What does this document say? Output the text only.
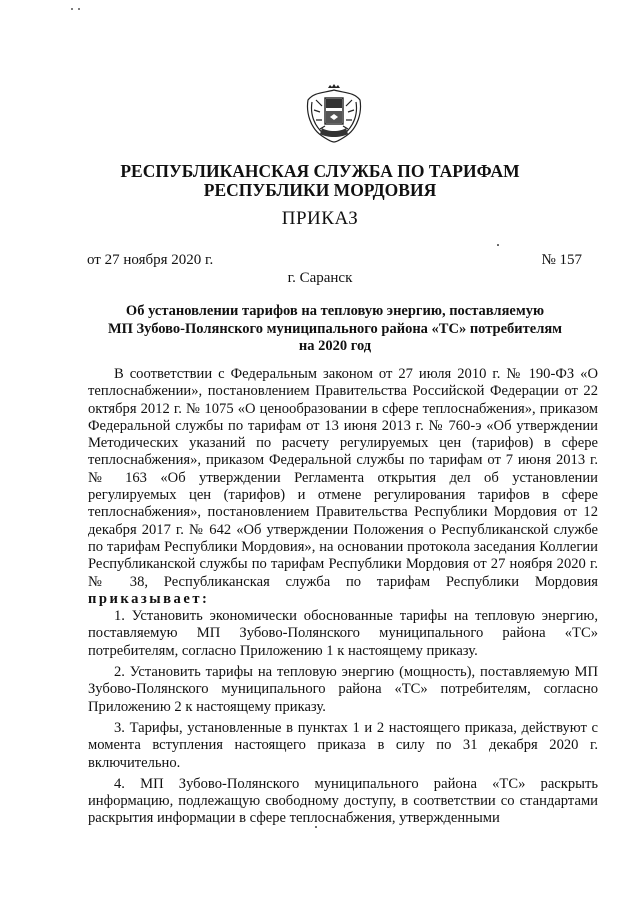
РЕСПУБЛИКАНСКАЯ СЛУЖБА ПО ТАРИФАМ
РЕСПУБЛИКИ МОРДОВИЯ
ПРИКАЗ
от 27 ноября 2020 г.	№ 157
г. Саранск
Об установлении тарифов на тепловую энергию, поставляемую
МП Зубово-Полянского муниципального района «ТС» потребителям
на 2020 год

В соответствии с Федеральным законом от 27 июля 2010 г. № 190-ФЗ «О теплоснабжении», постановлением Правительства Российской Федерации от 22 октября 2012 г. № 1075 «О ценообразовании в сфере теплоснабжения», приказом Федеральной службы по тарифам от 13 июня 2013 г. № 760-э «Об утверждении Методических указаний по расчету регулируемых цен (тарифов) в сфере теплоснабжения», приказом Федеральной службы по тарифам от 7 июня 2013 г. № 163 «Об утверждении Регламента открытия дел об установлении регулируемых цен (тарифов) и отмене регулирования тарифов в сфере теплоснабжения», постановлением Правительства Республики Мордовия от 12 декабря 2017 г. № 642 «Об утверждении Положения о Республиканской службе по тарифам Республики Мордовия», на основании протокола заседания Коллегии Республиканской службы по тарифам Республики Мордовия от 27 ноября 2020 г. № 38, Республиканская служба по тарифам Республики Мордовия приказывает:

1. Установить экономически обоснованные тарифы на тепловую энергию, поставляемую МП Зубово-Полянского муниципального района «ТС» потребителям, согласно Приложению 1 к настоящему приказу.

2. Установить тарифы на тепловую энергию (мощность), поставляемую МП Зубово-Полянского муниципального района «ТС» потребителям, согласно Приложению 2 к настоящему приказу.

3. Тарифы, установленные в пунктах 1 и 2 настоящего приказа, действуют с момента вступления настоящего приказа в силу по 31 декабря 2020 г. включительно.

4. МП Зубово-Полянского муниципального района «ТС» раскрыть информацию, подлежащую свободному доступу, в соответствии со стандартами раскрытия информации в сфере теплоснабжения, утвержденными
